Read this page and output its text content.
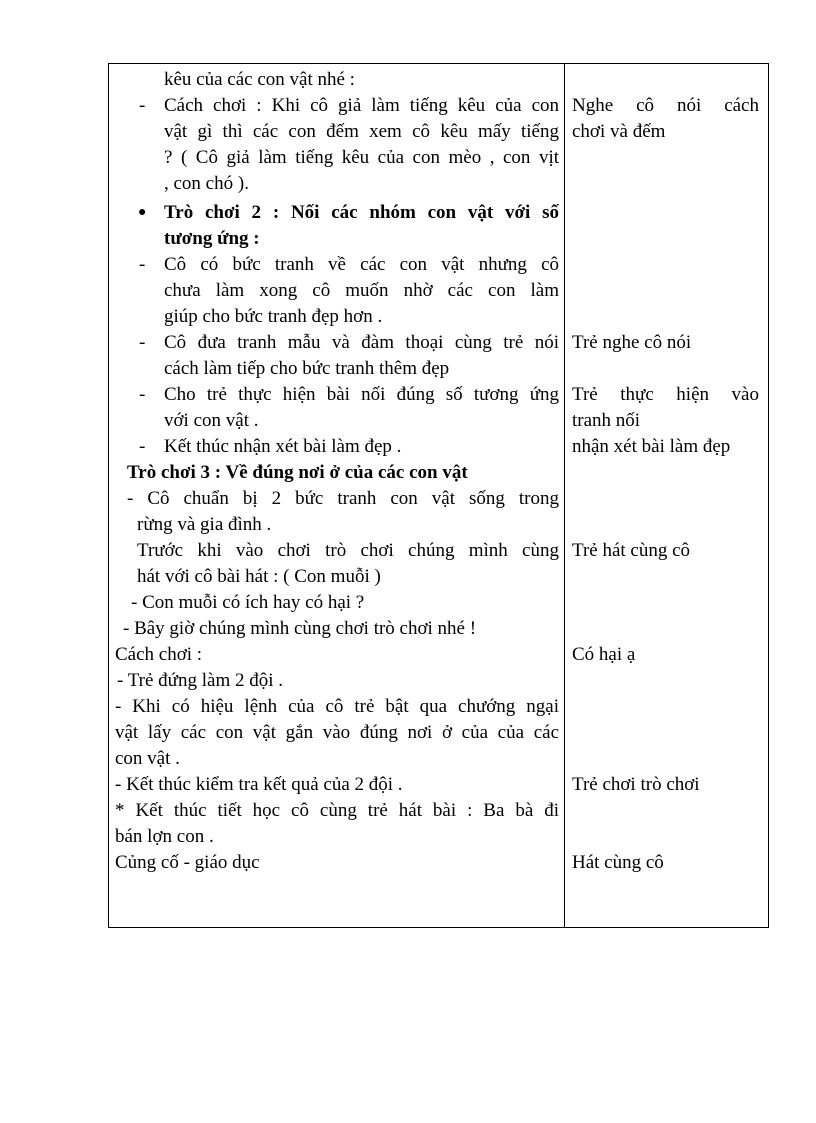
kêu của các con vật nhé :
Cách chơi : Khi cô giả làm tiếng kêu của con
vật gì thì các con đếm xem cô kêu mấy tiếng
? ( Cô giả làm tiếng kêu của con mèo , con vịt
, con chó ).
Trò chơi 2 : Nối các nhóm con vật với số
tương ứng :
Cô có bức tranh về các con vật nhưng cô
chưa làm xong cô muốn nhờ các con làm
giúp cho bức tranh đẹp hơn .
Cô đưa tranh mẫu và đàm thoại cùng trẻ nói
cách làm tiếp cho bức tranh thêm đẹp
Cho trẻ thực hiện bài nối đúng số tương ứng
với con vật .
Kết thúc nhận xét bài làm đẹp .
Trò chơi 3 : Về đúng nơi ở của các con vật
- Cô chuẩn bị 2 bức tranh con vật sống trong
rừng và gia đình .
Trước khi vào chơi trò chơi chúng mình cùng
hát với cô bài hát : ( Con muỗi )
- Con muỗi có ích hay có hại ?
- Bây giờ chúng mình cùng chơi trò chơi nhé !
Cách chơi :
- Trẻ đứng làm 2 đội .
- Khi có hiệu lệnh của cô trẻ bật qua chướng ngại
vật lấy các con vật gắn vào đúng nơi ở của của các
con vật .
- Kết thúc kiểm tra kết quả của 2 đội .
* Kết thúc tiết học cô cùng trẻ hát bài : Ba bà đi
bán lợn con .
Củng cố - giáo dục
-
-
-
-
-
●
Nghe cô nói cách
chơi và đếm
Trẻ nghe cô nói
Trẻ thực hiện vào
tranh nối
nhận xét bài làm đẹp
Trẻ hát cùng cô
Có hại ạ
Trẻ chơi trò chơi
Hát cùng cô
